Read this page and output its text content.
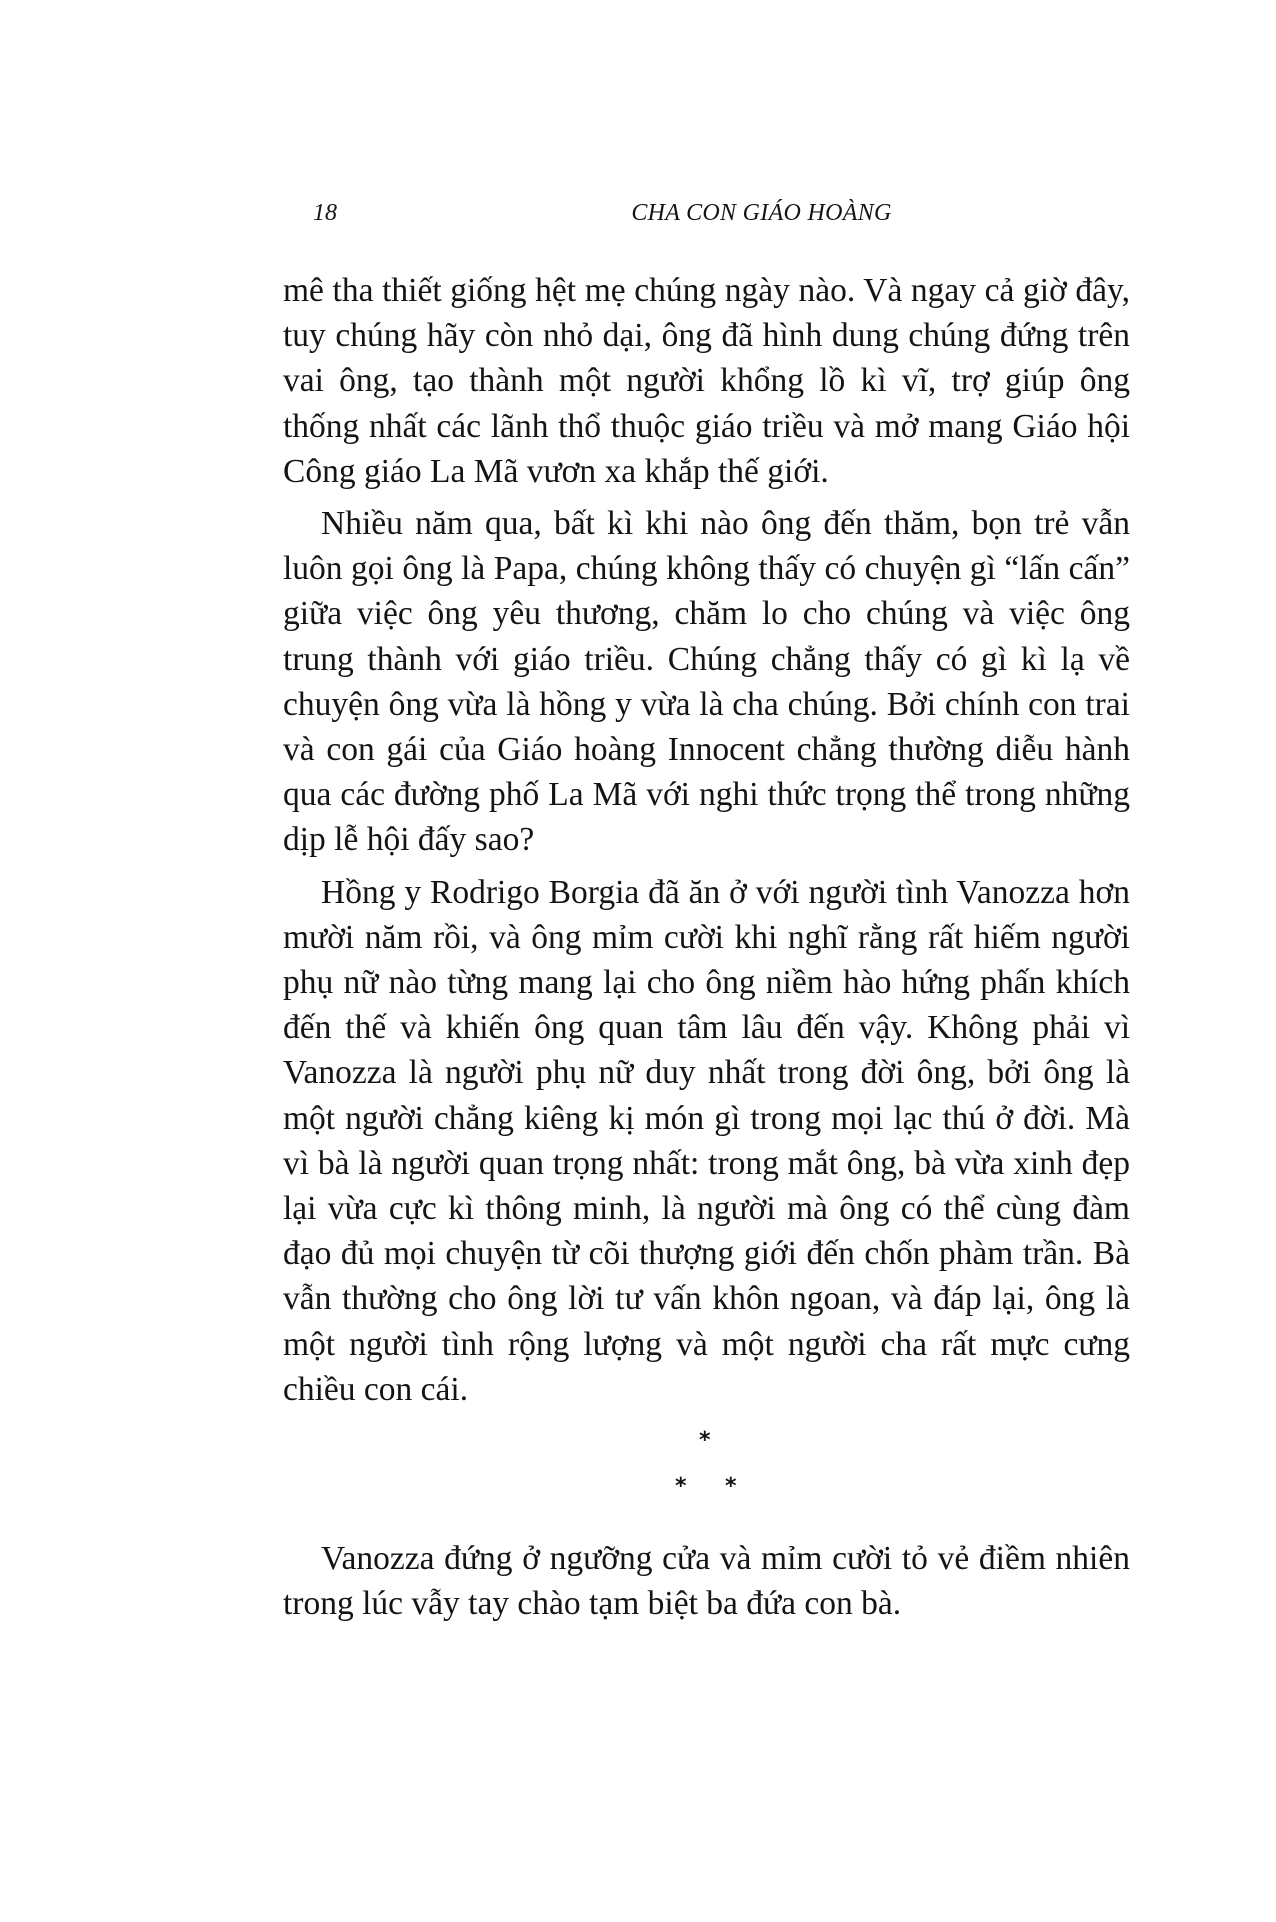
18	CHA CON GIÁO HOÀNG

mê tha thiết giống hệt mẹ chúng ngày nào. Và ngay cả giờ đây, tuy chúng hãy còn nhỏ dại, ông đã hình dung chúng đứng trên vai ông, tạo thành một người khổng lồ kì vĩ, trợ giúp ông thống nhất các lãnh thổ thuộc giáo triều và mở mang Giáo hội Công giáo La Mã vươn xa khắp thế giới.

Nhiều năm qua, bất kì khi nào ông đến thăm, bọn trẻ vẫn luôn gọi ông là Papa, chúng không thấy có chuyện gì “lấn cấn” giữa việc ông yêu thương, chăm lo cho chúng và việc ông trung thành với giáo triều. Chúng chẳng thấy có gì kì lạ về chuyện ông vừa là hồng y vừa là cha chúng. Bởi chính con trai và con gái của Giáo hoàng Innocent chẳng thường diễu hành qua các đường phố La Mã với nghi thức trọng thể trong những dịp lễ hội đấy sao?

Hồng y Rodrigo Borgia đã ăn ở với người tình Vanozza hơn mười năm rồi, và ông mỉm cười khi nghĩ rằng rất hiếm người phụ nữ nào từng mang lại cho ông niềm hào hứng phấn khích đến thế và khiến ông quan tâm lâu đến vậy. Không phải vì Vanozza là người phụ nữ duy nhất trong đời ông, bởi ông là một người chẳng kiêng kị món gì trong mọi lạc thú ở đời. Mà vì bà là người quan trọng nhất: trong mắt ông, bà vừa xinh đẹp lại vừa cực kì thông minh, là người mà ông có thể cùng đàm đạo đủ mọi chuyện từ cõi thượng giới đến chốn phàm trần. Bà vẫn thường cho ông lời tư vấn khôn ngoan, và đáp lại, ông là một người tình rộng lượng và một người cha rất mực cưng chiều con cái.

*
* *

Vanozza đứng ở ngưỡng cửa và mỉm cười tỏ vẻ điềm nhiên trong lúc vẫy tay chào tạm biệt ba đứa con bà.
